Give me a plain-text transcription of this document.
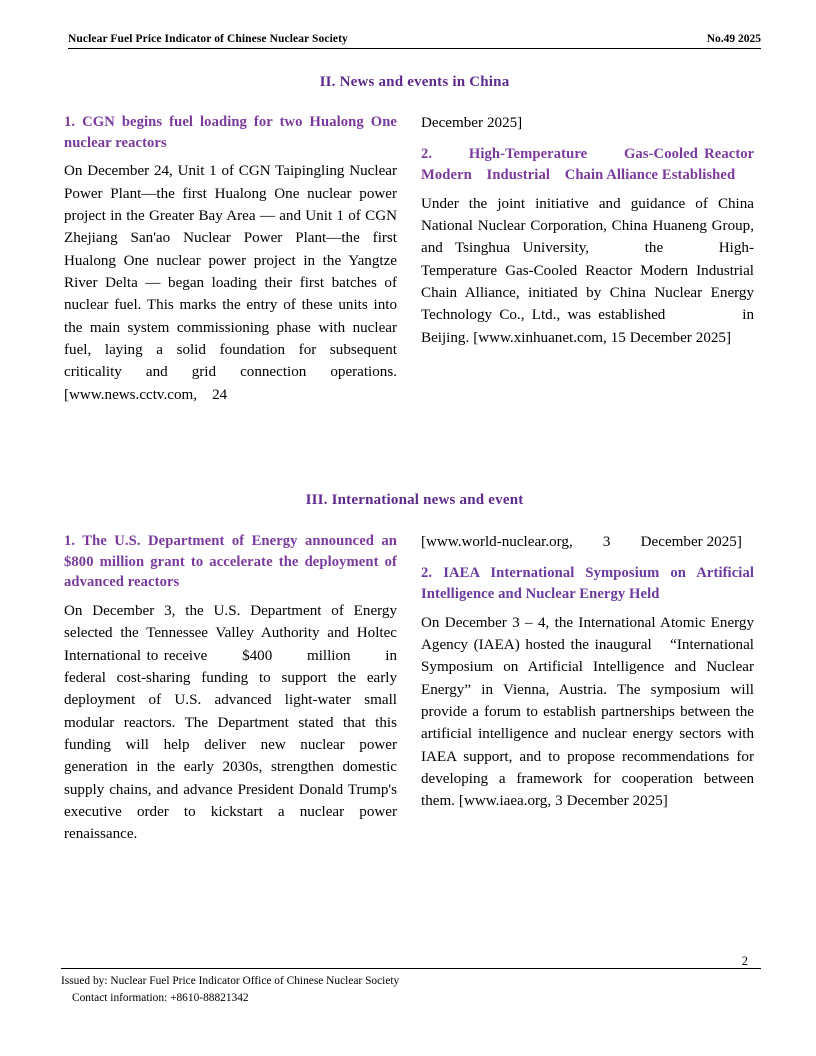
Nuclear Fuel Price Indicator of Chinese Nuclear Society	No.49 2025
II. News and events in China
1. CGN begins fuel loading for two Hualong One nuclear reactors

On December 24, Unit 1 of CGN Taipingling Nuclear Power Plant—the first Hualong One nuclear power project in the Greater Bay Area — and Unit 1 of CGN Zhejiang San'ao Nuclear Power Plant—the first Hualong One nuclear power project in the Yangtze River Delta — began loading their first batches of nuclear fuel. This marks the entry of these units into the main system commissioning phase with nuclear fuel, laying a solid foundation for subsequent criticality and grid connection operations.　[www.news.cctv.com,　24

December 2025]

2.　　High-Temperature　　Gas-Cooled Reactor　Modern　Industrial　Chain Alliance Established

Under the joint initiative and guidance of China National Nuclear Corporation, China Huaneng Group, and Tsinghua University,　　the　　High-Temperature Gas-Cooled Reactor Modern Industrial Chain Alliance, initiated by China Nuclear Energy Technology Co., Ltd., was established　　　　in　　　　Beijing. [www.xinhuanet.com, 15 December 2025]

III. International news and event
1. The U.S. Department of Energy announced an $800 million grant to accelerate the deployment of advanced reactors

On December 3, the U.S. Department of Energy selected the Tennessee Valley Authority and Holtec International to receive　　$400　　million　　in　　federal cost-sharing funding to support the early deployment of U.S. advanced light-water small modular reactors. The Department stated that this funding will help deliver new nuclear power generation in the early 2030s, strengthen domestic supply chains, and advance President Donald Trump's executive order to kickstart a nuclear power renaissance.

[www.world-nuclear.org,　　3　　December 2025]

2. IAEA International Symposium on Artificial Intelligence and Nuclear Energy Held

On December 3 – 4, the International Atomic Energy Agency (IAEA) hosted the inaugural　“International Symposium on Artificial Intelligence and Nuclear Energy” in Vienna, Austria. The symposium will provide a forum to establish partnerships between the artificial intelligence and nuclear energy sectors with IAEA support, and to propose recommendations for developing a framework for cooperation between them. [www.iaea.org, 3 December 2025]

2
Issued by: Nuclear Fuel Price Indicator Office of Chinese Nuclear Society
Contact information: +8610-88821342
